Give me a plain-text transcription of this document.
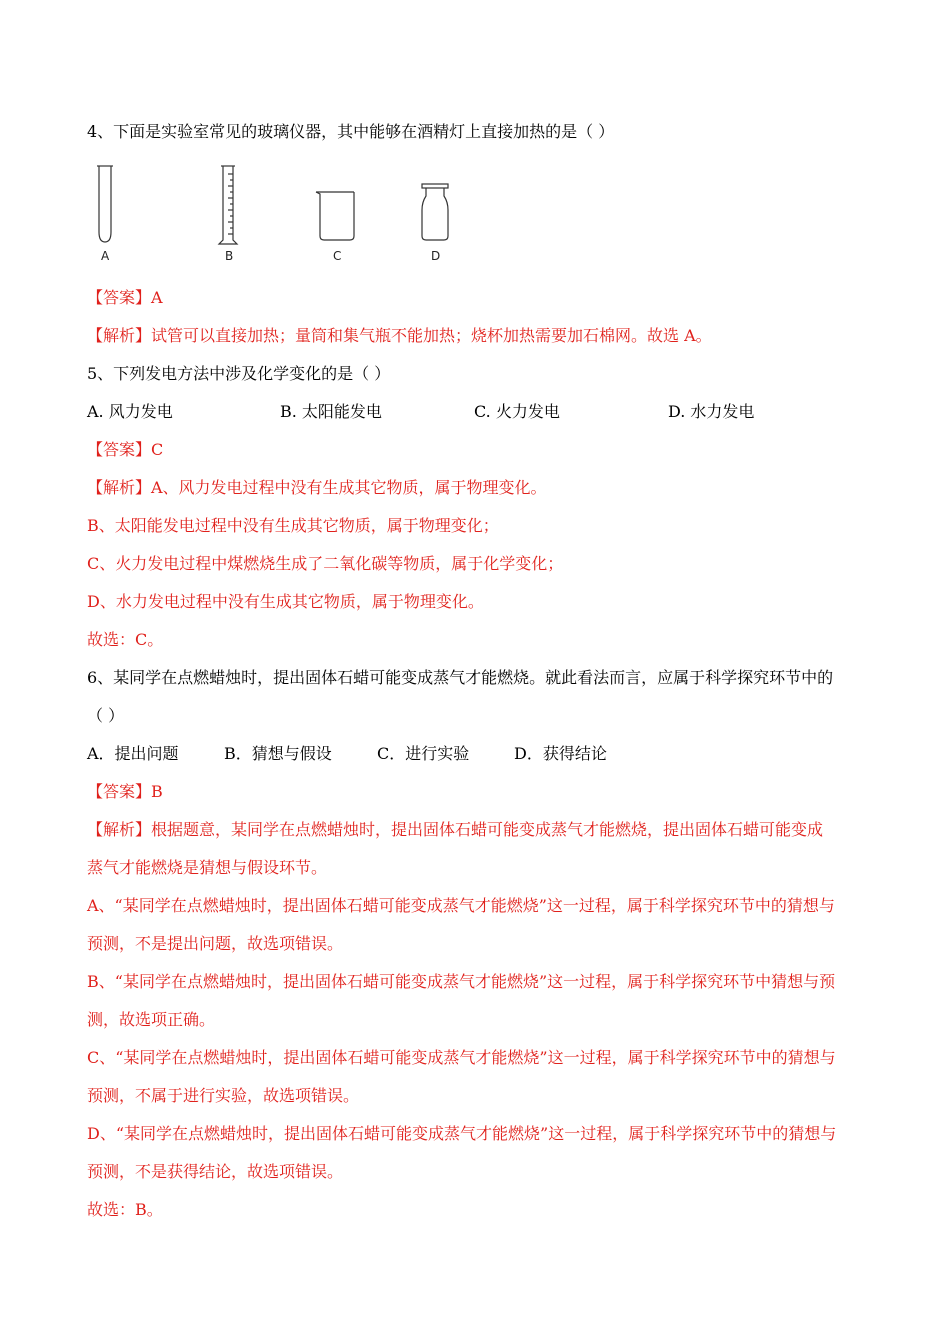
4、下面是实验室常见的玻璃仪器，其中能够在酒精灯上直接加热的是（ ）
A	B	C	D
【答案】A
【解析】试管可以直接加热；量筒和集气瓶不能加热；烧杯加热需要加石棉网。故选 A。
5、下列发电方法中涉及化学变化的是（ ）
A. 风力发电	B. 太阳能发电	C. 火力发电	D. 水力发电
【答案】C
【解析】A、风力发电过程中没有生成其它物质，属于物理变化。
B、太阳能发电过程中没有生成其它物质，属于物理变化；
C、火力发电过程中煤燃烧生成了二氧化碳等物质，属于化学变化；
D、水力发电过程中没有生成其它物质，属于物理变化。
故选：C。
6、某同学在点燃蜡烛时，提出固体石蜡可能变成蒸气才能燃烧。就此看法而言，应属于科学探究环节中的
（ ）
A．提出问题	B．猜想与假设	C．进行实验	D．获得结论
【答案】B
【解析】根据题意，某同学在点燃蜡烛时，提出固体石蜡可能变成蒸气才能燃烧，提出固体石蜡可能变成
蒸气才能燃烧是猜想与假设环节。
A、“某同学在点燃蜡烛时，提出固体石蜡可能变成蒸气才能燃烧”这一过程，属于科学探究环节中的猜想与
预测，不是提出问题，故选项错误。
B、“某同学在点燃蜡烛时，提出固体石蜡可能变成蒸气才能燃烧”这一过程，属于科学探究环节中猜想与预
测，故选项正确。
C、“某同学在点燃蜡烛时，提出固体石蜡可能变成蒸气才能燃烧”这一过程，属于科学探究环节中的猜想与
预测，不属于进行实验，故选项错误。
D、“某同学在点燃蜡烛时，提出固体石蜡可能变成蒸气才能燃烧”这一过程，属于科学探究环节中的猜想与
预测，不是获得结论，故选项错误。
故选：B。
